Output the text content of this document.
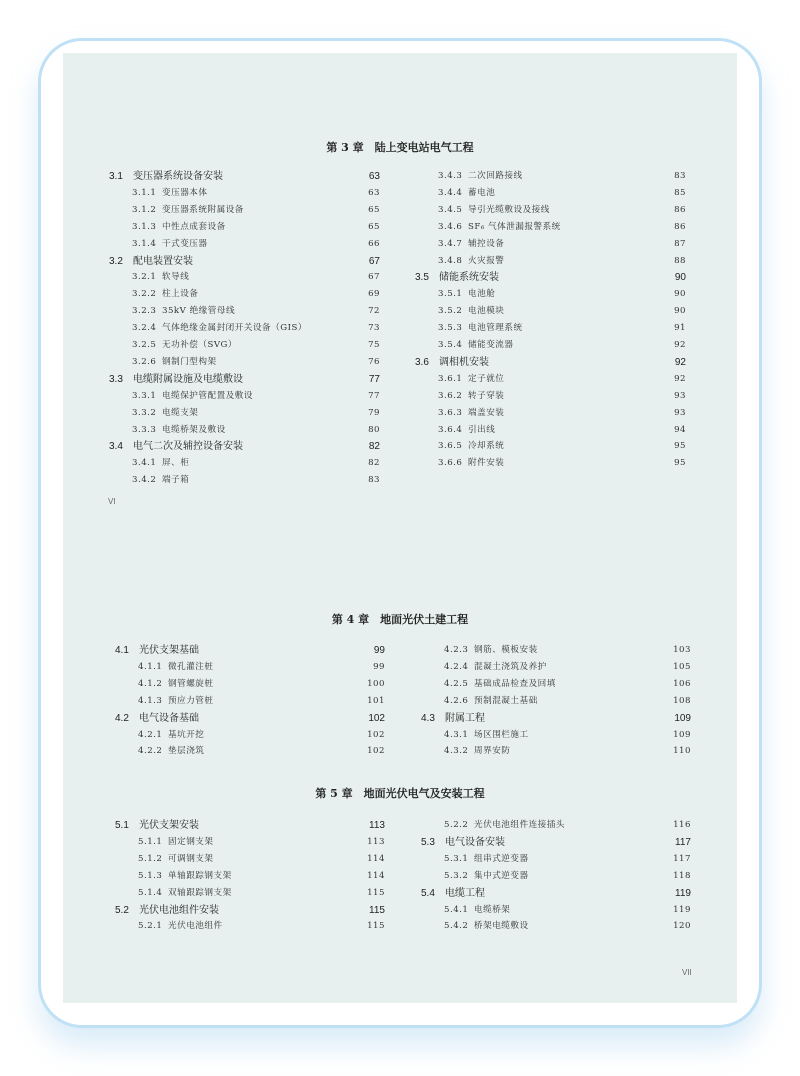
第 3 章　陆上变电站电气工程
第 4 章　地面光伏土建工程
第 5 章　地面光伏电气及安装工程
VI
VII
3.1 变压器系统设备安装	63
3.1.1 变压器本体	63
3.1.2 变压器系统附属设备	65
3.1.3 中性点成套设备	65
3.1.4 干式变压器	66
3.2 配电装置安装	67
3.2.1 软导线	67
3.2.2 柱上设备	69
3.2.3 35kV 绝缘管母线	72
3.2.4 气体绝缘金属封闭开关设备（GIS）	73
3.2.5 无功补偿（SVG）	75
3.2.6 钢制门型构架	76
3.3 电缆附属设施及电缆敷设	77
3.3.1 电缆保护管配置及敷设	77
3.3.2 电缆支架	79
3.3.3 电缆桥架及敷设	80
3.4 电气二次及辅控设备安装	82
3.4.1 屏、柜	82
3.4.2 端子箱	83
3.4.3 二次回路接线	83
3.4.4 蓄电池	85
3.4.5 导引光缆敷设及接线	86
3.4.6 SF₆ 气体泄漏报警系统	86
3.4.7 辅控设备	87
3.4.8 火灾报警	88
3.5 储能系统安装	90
3.5.1 电池舱	90
3.5.2 电池模块	90
3.5.3 电池管理系统	91
3.5.4 储能变流器	92
3.6 调相机安装	92
3.6.1 定子就位	92
3.6.2 转子穿装	93
3.6.3 端盖安装	93
3.6.4 引出线	94
3.6.5 冷却系统	95
3.6.6 附件安装	95
4.1 光伏支架基础	99
4.1.1 微孔灌注桩	99
4.1.2 钢管螺旋桩	100
4.1.3 预应力管桩	101
4.2 电气设备基础	102
4.2.1 基坑开挖	102
4.2.2 垫层浇筑	102
4.2.3 钢筋、模板安装	103
4.2.4 混凝土浇筑及养护	105
4.2.5 基础成品检查及回填	106
4.2.6 预制混凝土基础	108
4.3 附属工程	109
4.3.1 场区围栏施工	109
4.3.2 周界安防	110
5.1 光伏支架安装	113
5.1.1 固定钢支架	113
5.1.2 可调钢支架	114
5.1.3 单轴跟踪钢支架	114
5.1.4 双轴跟踪钢支架	115
5.2 光伏电池组件安装	115
5.2.1 光伏电池组件	115
5.2.2 光伏电池组件连接插头	116
5.3 电气设备安装	117
5.3.1 组串式逆变器	117
5.3.2 集中式逆变器	118
5.4 电缆工程	119
5.4.1 电缆桥架	119
5.4.2 桥架电缆敷设	120
